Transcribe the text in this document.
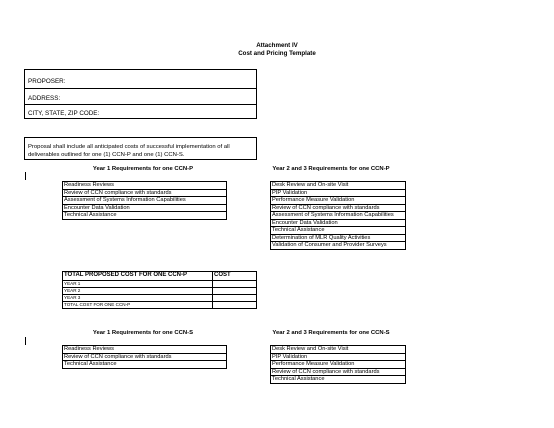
Attachment IV
Cost and Pricing Template
PROPOSER:
ADDRESS:
CITY, STATE, ZIP CODE:
Proposal shall include all anticipated costs of successful implementation of all deliverables outlined for one (1) CCN-P and one (1) CCN-S.
Year 1 Requirements for one CCN-P	Year 2 and 3 Requirements for one CCN-P
	Readiness Reviews
	Review of CCN compliance with standards
	Assessment of Systems Information Capabilities
	Encounter Data Validation
	Technical Assistance
	Desk Review and On-site Visit
	PIP Validation
	Performance Measure Validation
	Review of CCN compliance with standards
	Assessment of Systems Information Capabilities
	Encounter Data Validation
	Technical Assistance
	Determination of MLR Quality Activities
	Validation of Consumer and Provider Surveys
TOTAL PROPOSED COST FOR ONE CCN-P	COST
YEAR 1	
YEAR 2	
YEAR 3	
TOTAL COST FOR ONE CCN-P	
Year 1 Requirements for one CCN-S	Year 2 and 3 Requirements for one CCN-S
	Readiness Reviews
	Review of CCN compliance with standards
	Technical Assistance
	Desk Review and On-site Visit
	PIP Validation
	Performance Measure Validation
	Review of CCN compliance with standards
	Technical Assistance
